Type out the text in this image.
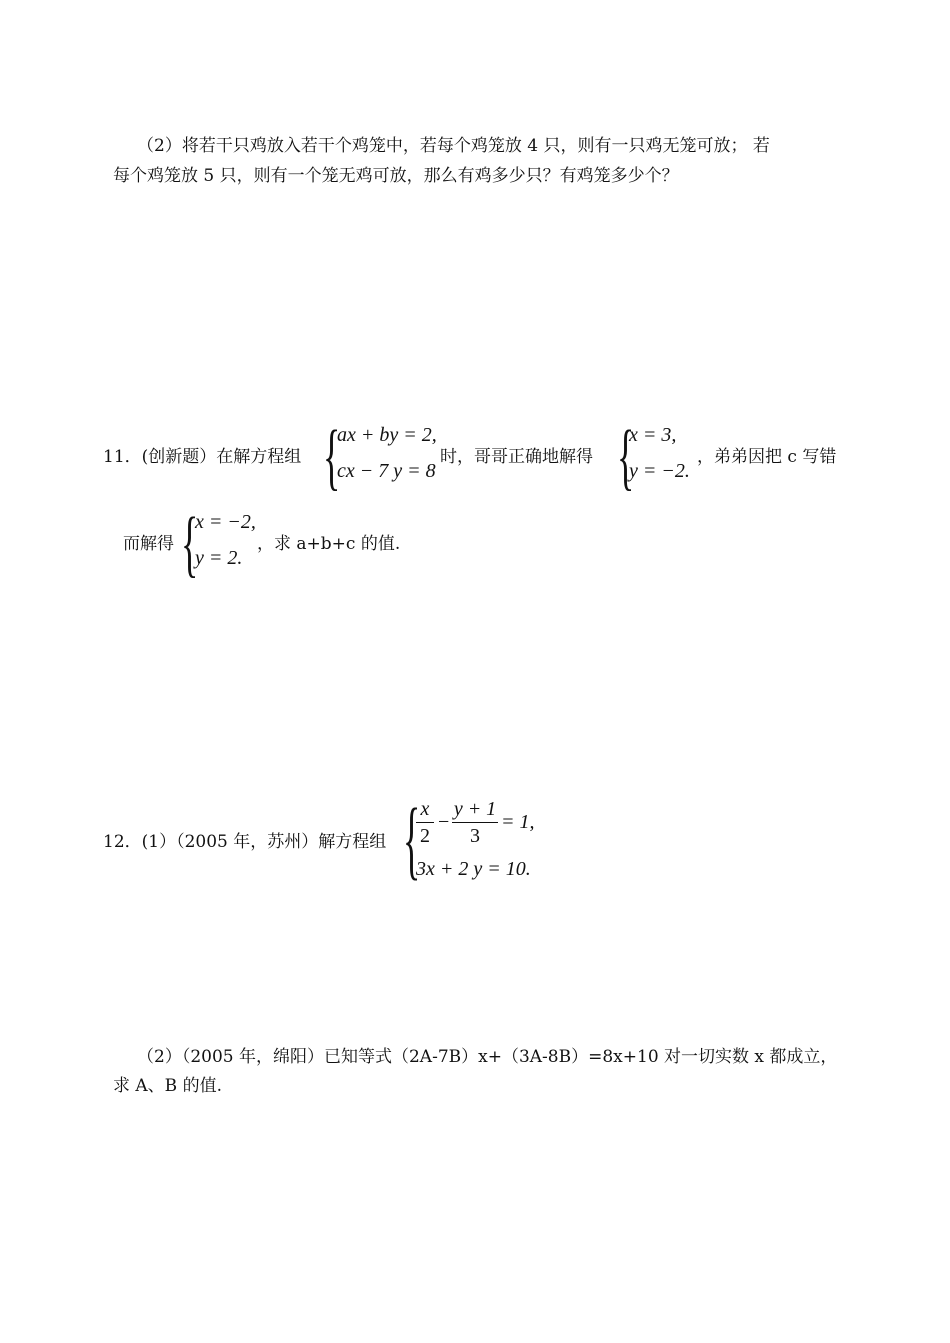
（2）将若干只鸡放入若干个鸡笼中，若每个鸡笼放 4 只，则有一只鸡无笼可放； 若
每个鸡笼放 5 只，则有一个笼无鸡可放，那么有鸡多少只？有鸡笼多少个？
11．(创新题）在解方程组 {
ax + by = 2,
cx − 7 y = 8
时，哥哥正确地解得 {
x = 3,
y = −2.
，弟弟因把 c 写错
而解得 {
x = −2,
y = 2.
，求 a+b+c 的值.
12．(1）（2005 年，苏州）解方程组 { x
2
−
y + 1
3
= 1,
3x + 2 y = 10.
（2）（2005 年，绵阳）已知等式（2A-7B）x+（3A-8B）=8x+10 对一切实数 x 都成立，
求 A、B 的值.
